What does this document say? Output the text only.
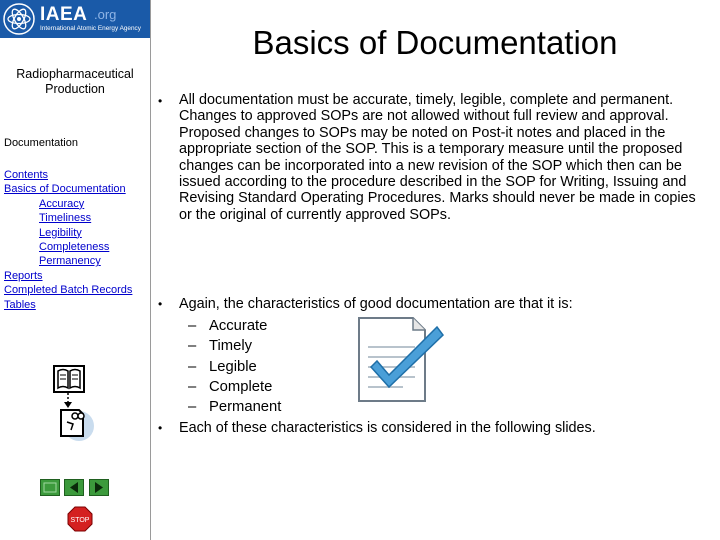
IAEA .org
International Atomic Energy Agency
Radiopharmaceutical Production
Documentation
Contents
Basics of Documentation
Accuracy
Timeliness
Legibility
Completeness
Permanency
Reports
Completed Batch Records
Tables
STOP
Basics of Documentation
• All documentation must be accurate, timely, legible, complete and permanent. Changes to approved SOPs are not allowed without full review and approval. Proposed changes to SOPs may be noted on Post-it notes and placed in the appropriate section of the SOP. This is a temporary measure until the proposed changes can be incorporated into a new revision of the SOP which then can be issued according to the procedure described in the SOP for Writing, Issuing and Revising Standard Operating Procedures. Marks should never be made in copies or the original of currently approved SOPs.
• Again, the characteristics of good documentation are that it is:
– Accurate
– Timely
– Legible
– Complete
– Permanent
• Each of these characteristics is considered in the following slides.
